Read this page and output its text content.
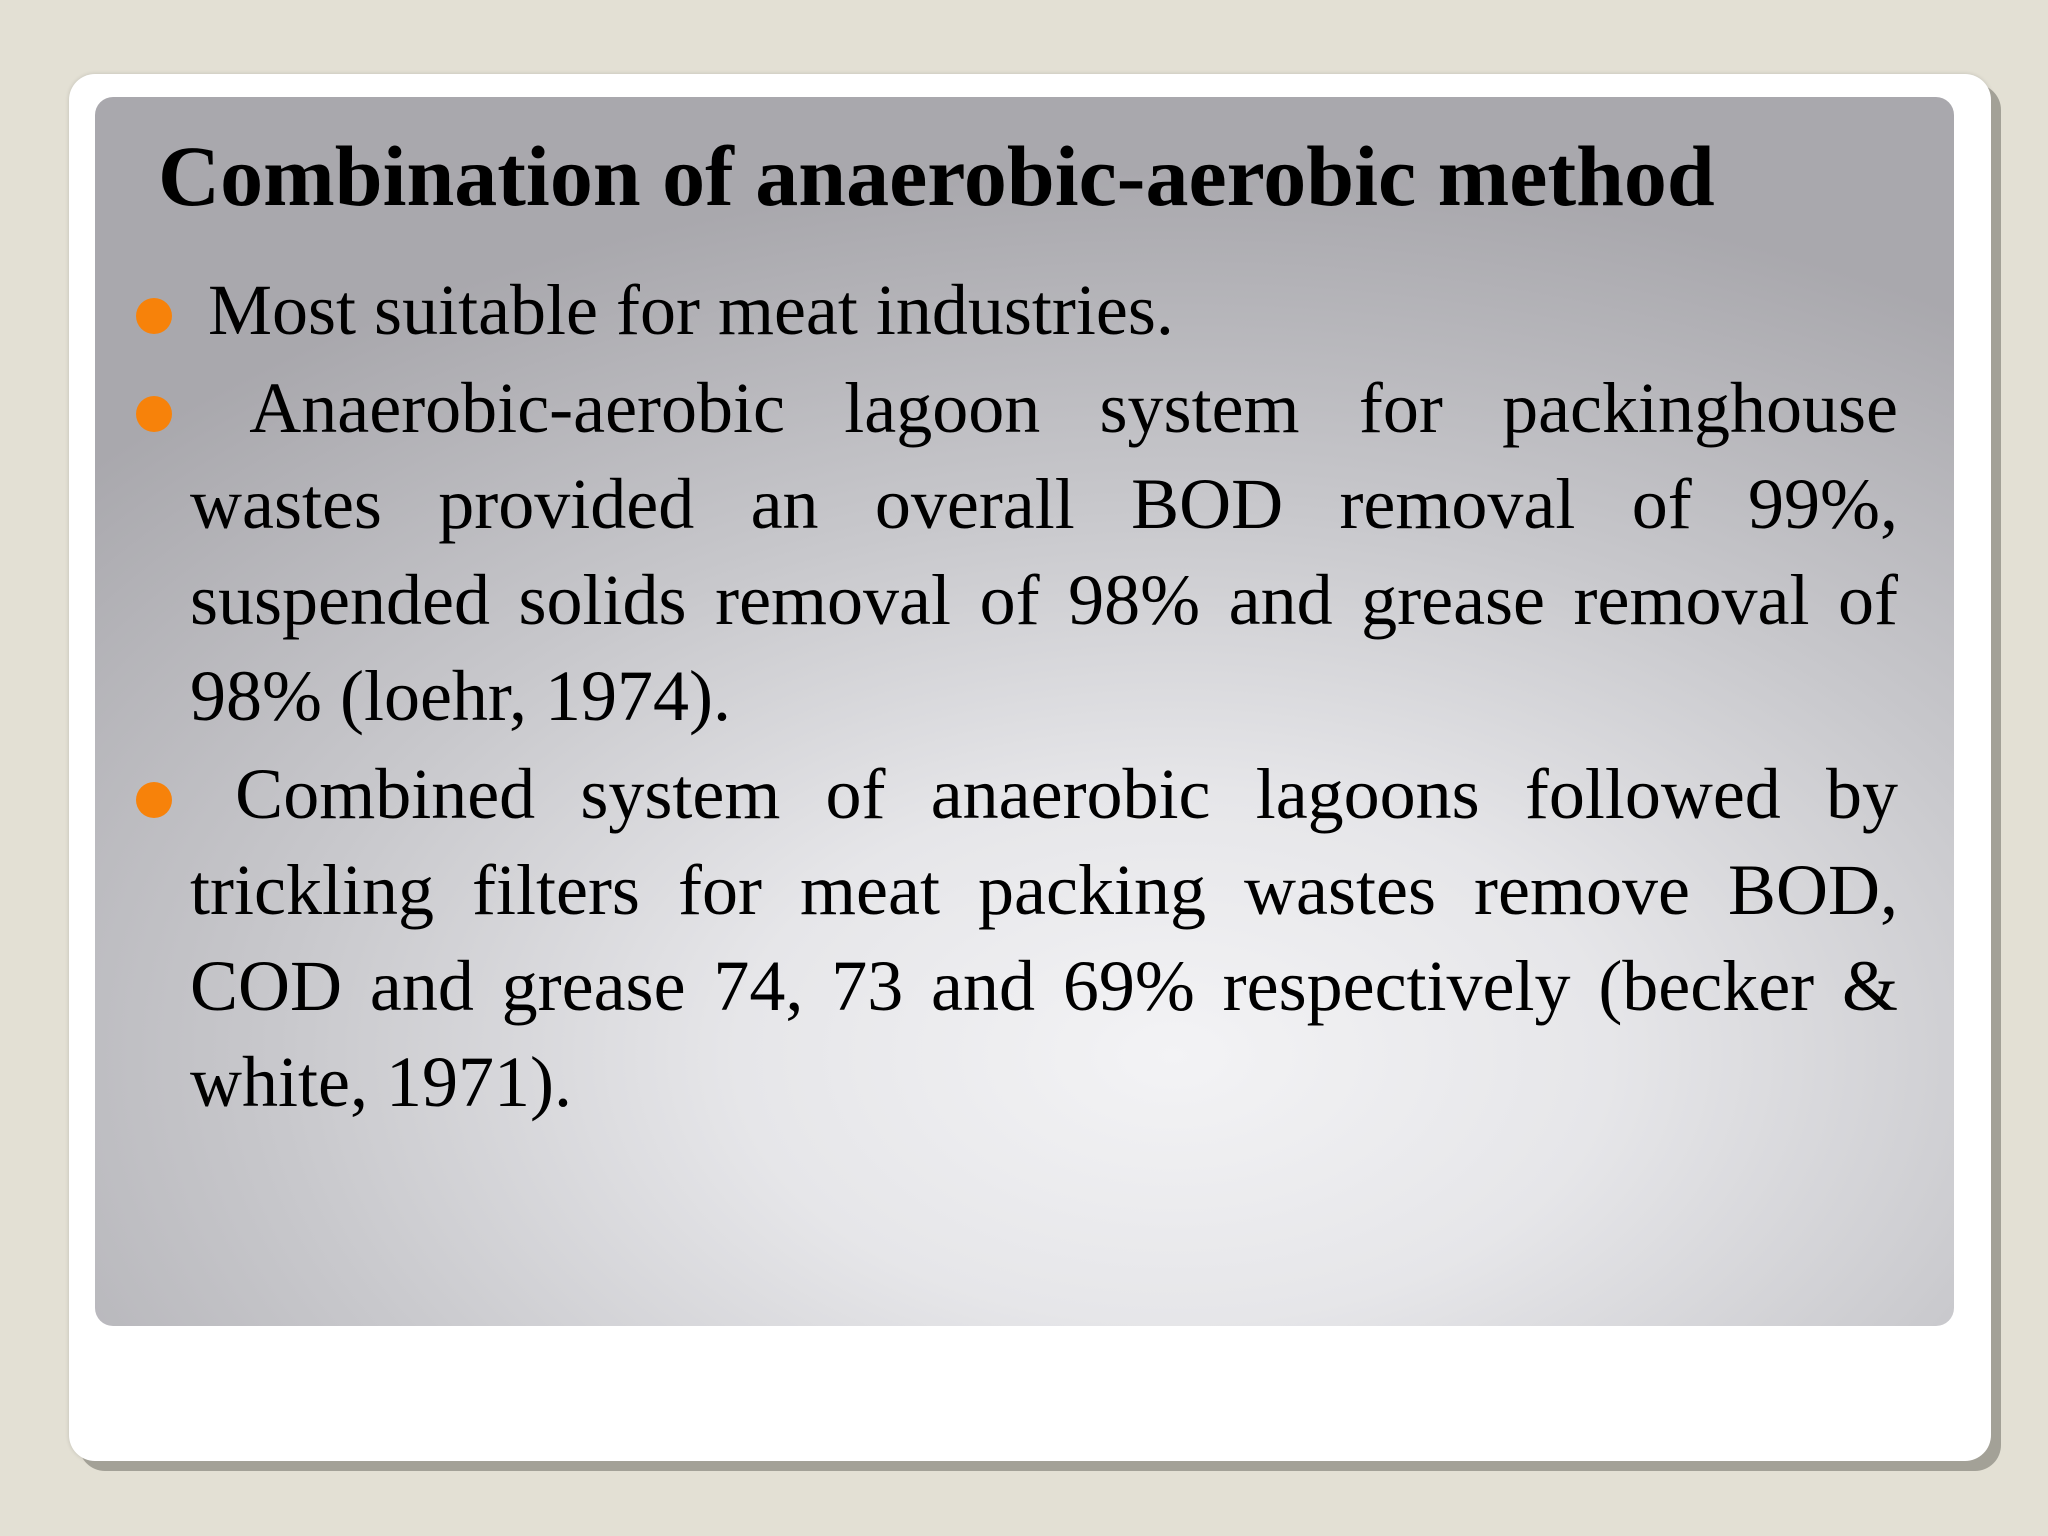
Combination of anaerobic-aerobic method
Most suitable for meat industries.
Anaerobic-aerobic lagoon system for packinghouse wastes provided an overall BOD removal of 99%, suspended solids removal of 98% and grease removal of 98% (loehr, 1974).
Combined system of anaerobic lagoons followed by trickling filters for meat packing wastes remove BOD, COD and grease 74, 73 and 69% respectively (becker & white, 1971).
